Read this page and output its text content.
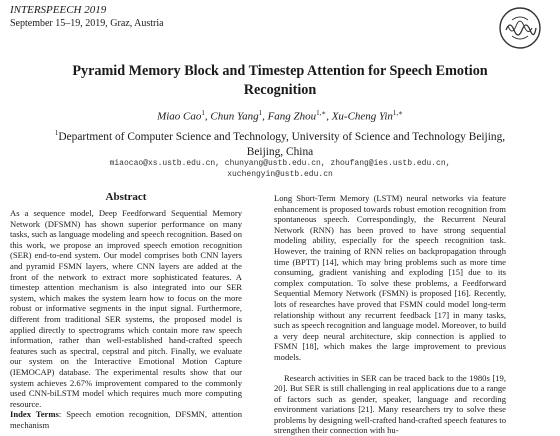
INTERSPEECH 2019
September 15–19, 2019, Graz, Austria
Pyramid Memory Block and Timestep Attention for Speech Emotion
Recognition
Miao Cao$^1$, Chun Yang$^1$, Fang Zhou$^{1,∗}$, Xu-Cheng Yin$^{1,∗}$
$^1$Department of Computer Science and Technology, University of Science and Technology Beijing,
Beijing, China
miaocao@xs.ustb.edu.cn, chunyang@ustb.edu.cn, zhoufang@ies.ustb.edu.cn,
xuchengyin@ustb.edu.cn
Abstract

As a sequence model, Deep Feedforward Sequential Memory Network (DFSMN) has shown superior performance on many tasks, such as language modeling and speech recognition. Based on this work, we propose an improved speech emotion recognition (SER) end-to-end system. Our model comprises both CNN layers and pyramid FSMN layers, where CNN layers are added at the front of the network to extract more sophisticated features. A timestep attention mechanism is also integrated into our SER system, which makes the system learn how to focus on the more robust or informative segments in the input signal. Furthermore, different from traditional SER systems, the proposed model is applied directly to spectrograms which contain more raw speech information, rather than well-established hand-crafted speech features such as spectral, cepstral and pitch. Finally, we evaluate our system on the Interactive Emotional Motion Capture (IEMOCAP) database. The experimental results show that our system achieves 2.67% improvement compared to the commonly used CNN-biLSTM model which requires much more computing resource.

Index Terms: Speech emotion recognition, DFSMN, attention mechanism

Long Short-Term Memory (LSTM) neural networks via feature enhancement is proposed towards robust emotion recognition from spontaneous speech. Correspondingly, the Recurrent Neural Network (RNN) has been proved to have strong sequential modeling ability, especially for the speech recognition task. However, the training of RNN relies on backpropagation through time (BPTT) [14], which may bring problems such as more time consuming, gradient vanishing and exploding [15] due to its complex computation. To solve these problems, a Feedforward Sequential Memory Network (FSMN) is proposed [16]. Recently, lots of researches have proved that FSMN could model long-term relationship without any recurrent feedback [17] in many tasks, such as speech recognition and language model. Moreover, to build a very deep neural architecture, skip connection is applied to FSMN [18], which makes the large improvement to previous models.

Research activities in SER can be traced back to the 1980s [19, 20]. But SER is still challenging in real applications due to a range of factors such as gender, speaker, language and recording environment variations [21]. Many researchers try to solve these problems by designing well-crafted hand-crafted speech features to strengthen their connection with hu-
